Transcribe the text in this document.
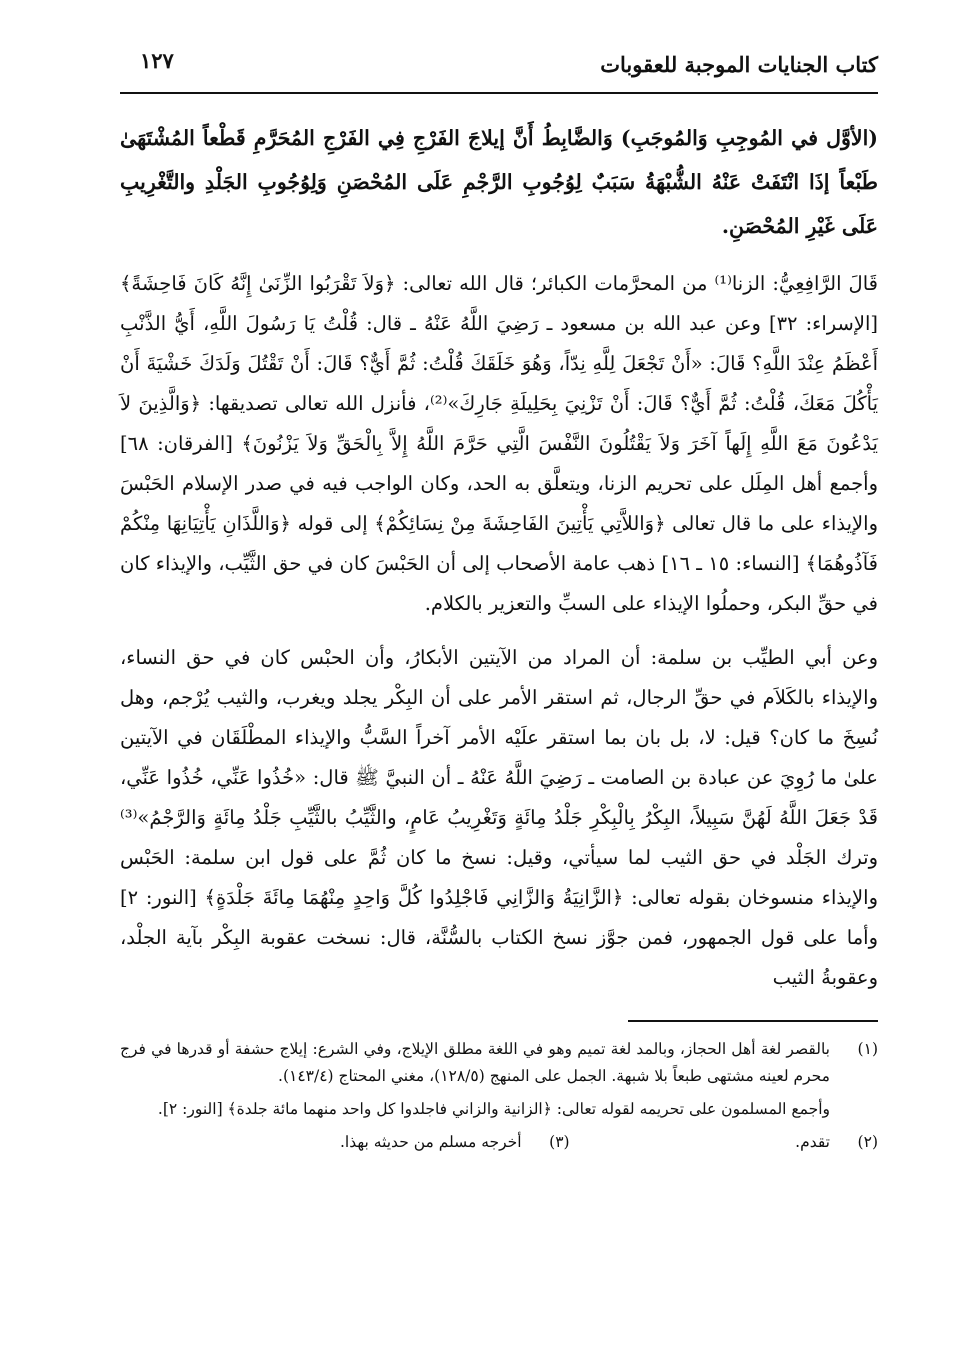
كتاب الجنايات الموجبة للعقوبات
١٢٧

(الأوَّل في المُوجِبِ وَالمُوجَبِ) وَالضَّابِطُ أَنَّ إيلاجَ الفَرْجِ فِي الفَرْجِ المُحَرَّمِ قَطْعاً المُشْتَهَىٰ طَبْعاً إذَا انْتَفَتْ عَنْهُ الشُّبْهَةُ سَبَبٌ لِوُجُوبِ الرَّجْمِ عَلَى المُحْصَنِ وَلِوُجُوبِ الجَلْدِ والتَّغْرِيبِ عَلَى غَيْرِ المُحْصَنِ.

قَالَ الرَّافِعِيُّ: الزنا⁽¹⁾ من المحرَّمات الكبائر؛ قال الله تعالى: ﴿وَلاَ تَقْرَبُوا الزِّنَىٰ إِنَّهُ كَانَ فَاحِشَةً﴾ [الإسراء: ٣٢] وعن عبد الله بن مسعود ـ رَضِيَ اللَّهُ عَنْهُ ـ قال: قُلْتُ يَا رَسُولَ اللَّهِ، أَيُّ الذَّنْبِ أَعْظَمُ عِنْدَ اللَّهِ؟ قَالَ: «أَنْ تَجْعَلَ لِلَّهِ نِدّاً، وَهُوَ خَلَقَكَ قُلْتُ: ثُمَّ أَيٌّ؟ قَالَ: أَنْ تَقْتُلَ وَلَدَكَ خَشْيَةَ أَنْ يَأْكُلَ مَعَكَ، قُلْتُ: ثُمَّ أَيٌّ؟ قَالَ: أَنْ تَزْنِيَ بِحَلِيلَةِ جَارِكَ»⁽²⁾، فأنزل الله تعالى تصديقها: ﴿وَالَّذِينَ لاَ يَدْعُونَ مَعَ اللَّهِ إِلَهاً آخَرَ وَلاَ يَقْتُلُونَ النَّفْسَ الَّتِي حَرَّمَ اللَّهُ إِلاَّ بِالْحَقِّ وَلاَ يَزْنُونَ﴾ [الفرقان: ٦٨] وأجمع أهل المِلَل على تحريم الزنا، ويتعلَّق به الحد، وكان الواجب فيه في صدر الإسلام الحَبْسَ والإيذاء على ما قال تعالى ﴿وَاللاَّتِي يَأْتِينَ الفَاحِشَةَ مِنْ نِسَائِكُمْ﴾ إلى قوله ﴿وَاللَّذَانِ يَأْتِيَانِهَا مِنْكُمْ فَآذُوهُمَا﴾ [النساء: ١٥ ـ ١٦] ذهب عامة الأصحاب إلى أن الحَبْسَ كان في حق الثَّيِّب، والإيذاء كان في حقِّ البكر، وحملُوا الإيذاء على السبِّ والتعزير بالكلام.

وعن أبي الطيِّب بن سلمة: أن المراد من الآيتين الأبكارُ، وأن الحبْس كان في حق النساء، والإيذاء بالكَلاَم في حقِّ الرجال، ثم استقر الأمر على أن البِكْر يجلد ويغرب، والثيب يُرْجم، وهل نُسِخَ ما كان؟ قيل: لا، بل بان بما استقر علَيْه الأمر آخراً السَّبُّ والإيذاء المطْلَقَان في الآيتين علىٰ ما رُوِيَ عن عبادة بن الصامت ـ رَضِيَ اللَّهُ عَنْهُ ـ أن النبيَّ ﷺ قال: «خُذُوا عَنِّي، خُذُوا عَنِّي، قَدْ جَعَلَ اللَّهُ لَهُنَّ سَبِيلاً، البِكْرُ بِالْبِكْرِ جَلْدُ مِائَةٍ وَتَغْرِيبُ عَامٍ، والثَّيِّبُ بالثَّيِّبِ جَلْدُ مِائَةٍ وَالرَّجْمُ»⁽³⁾ وترك الجَلْد في حق الثيب لما سيأتي، وقيل: نسخ ما كان ثُمَّ على قول ابن سلمة: الحَبْس والإيذاء منسوخان بقوله تعالى: ﴿الزَّانِيَةُ وَالزَّانِي فَاجْلِدُوا كُلَّ وَاحِدٍ مِنْهُمَا مِائَةَ جَلْدَةٍ﴾ [النور: ٢] وأما على قول الجمهور، فمن جوَّز نسخ الكتاب بالسُّنَّة، قال: نسخت عقوبة البِكْر بآية الجلْد، وعقوبةُ الثيب

(١)
بالقصر لغة أهل الحجاز، وبالمد لغة تميم وهو في اللغة مطلق الإيلاج، وفي الشرع: إيلاج حشفة أو قدرها في فرج محرم لعينه مشتهى طبعاً بلا شبهة. الجمل على المنهج (١٢٨/٥)، مغني المحتاج (١٤٣/٤).
وأجمع المسلمون على تحريمه لقوله تعالى: ﴿الزانية والزاني فاجلدوا كل واحد منهما مائة جلدة﴾ [النور: ٢].
(٢)
تقدم.
(٣)
أخرجه مسلم من حديثه بهذا.
